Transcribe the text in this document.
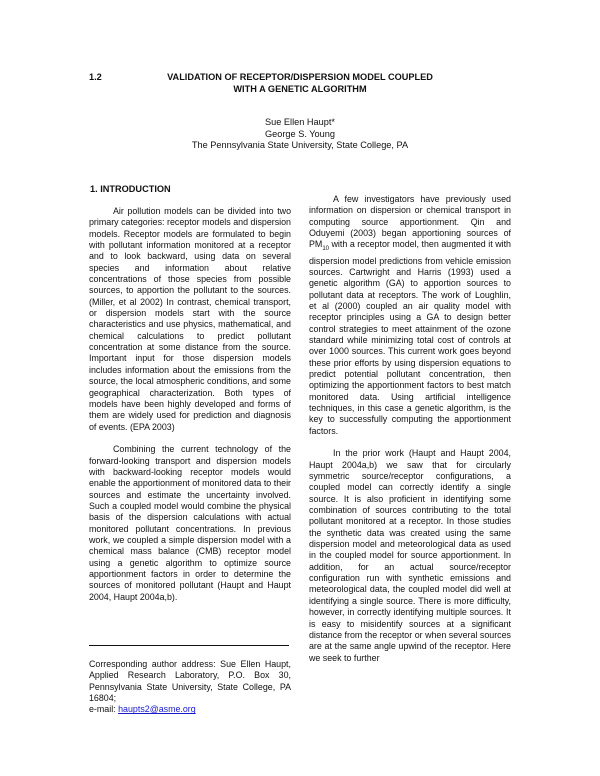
1.2	VALIDATION OF RECEPTOR/DISPERSION MODEL COUPLED
WITH A GENETIC ALGORITHM
Sue Ellen Haupt*
George S. Young
The Pennsylvania State University, State College, PA
1. INTRODUCTION

Air pollution models can be divided into two primary categories: receptor models and dispersion models. Receptor models are formulated to begin with pollutant information monitored at a receptor and to look backward, using data on several species and information about relative concentrations of those species from possible sources, to apportion the pollutant to the sources. (Miller, et al 2002) In contrast, chemical transport, or dispersion models start with the source characteristics and use physics, mathematical, and chemical calculations to predict pollutant concentration at some distance from the source. Important input for those dispersion models includes information about the emissions from the source, the local atmospheric conditions, and some geographical characterization. Both types of models have been highly developed and forms of them are widely used for prediction and diagnosis of events. (EPA 2003)

Combining the current technology of the forward-looking transport and dispersion models with backward-looking receptor models would enable the apportionment of monitored data to their sources and estimate the uncertainty involved. Such a coupled model would combine the physical basis of the dispersion calculations with actual monitored pollutant concentrations. In previous work, we coupled a simple dispersion model with a chemical mass balance (CMB) receptor model using a genetic algorithm to optimize source apportionment factors in order to determine the sources of monitored pollutant (Haupt and Haupt 2004, Haupt 2004a,b).

Corresponding author address: Sue Ellen Haupt, Applied Research Laboratory, P.O. Box 30, Pennsylvania State University, State College, PA 16804;
e-mail: haupts2@asme.org

A few investigators have previously used information on dispersion or chemical transport in computing source apportionment. Qin and Oduyemi (2003) began apportioning sources of $PM_{10}$ with a receptor model, then augmented it with dispersion model predictions from vehicle emission sources. Cartwright and Harris (1993) used a genetic algorithm (GA) to apportion sources to pollutant data at receptors. The work of Loughlin, et al (2000) coupled an air quality model with receptor principles using a GA to design better control strategies to meet attainment of the ozone standard while minimizing total cost of controls at over 1000 sources. This current work goes beyond these prior efforts by using dispersion equations to predict potential pollutant concentration, then optimizing the apportionment factors to best match monitored data. Using artificial intelligence techniques, in this case a genetic algorithm, is the key to successfully computing the apportionment factors.

In the prior work (Haupt and Haupt 2004, Haupt 2004a,b) we saw that for circularly symmetric source/receptor configurations, a coupled model can correctly identify a single source. It is also proficient in identifying some combination of sources contributing to the total pollutant monitored at a receptor. In those studies the synthetic data was created using the same dispersion model and meteorological data as used in the coupled model for source apportionment. In addition, for an actual source/receptor configuration run with synthetic emissions and meteorological data, the coupled model did well at identifying a single source. There is more difficulty, however, in correctly identifying multiple sources. It is easy to misidentify sources at a significant distance from the receptor or when several sources are at the same angle upwind of the receptor. Here we seek to further
